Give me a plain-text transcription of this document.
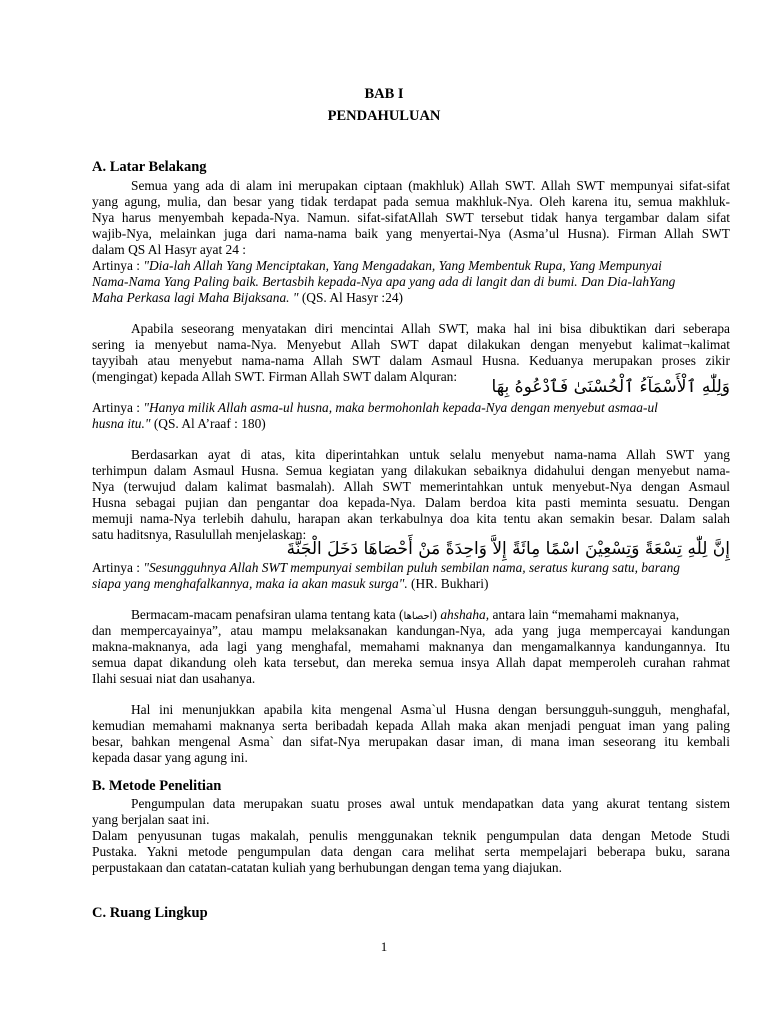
BAB I
PENDAHULUAN
A. Latar Belakang
Semua yang ada di alam ini merupakan ciptaan (makhluk) Allah SWT. Allah SWT mempunyai sifat-sifat
yang agung, mulia, dan besar yang tidak terdapat pada semua makhluk-Nya. Oleh karena itu, semua makhluk-
Nya harus menyembah kepada-Nya. Namun. sifat-sifatAllah SWT tersebut tidak hanya tergambar dalam sifat
wajib-Nya, melainkan juga dari nama-nama baik yang menyertai-Nya (Asma’ul Husna). Firman Allah SWT
dalam QS Al Hasyr ayat 24 :
Artinya : "Dia-lah Allah Yang Menciptakan, Yang Mengadakan, Yang Membentuk Rupa, Yang Mempunyai
Nama-Nama Yang Paling baik. Bertasbih kepada-Nya apa yang ada di langit dan di bumi. Dan Dia-lahYang
Maha Perkasa lagi Maha Bijaksana. " (QS. Al Hasyr :24)
Apabila seseorang menyatakan diri mencintai Allah SWT, maka hal ini bisa dibuktikan dari seberapa
sering ia menyebut nama-Nya. Menyebut Allah SWT dapat dilakukan dengan menyebut kalimat¬kalimat
tayyibah atau menyebut nama-nama Allah SWT dalam Asmaul Husna. Keduanya merupakan proses zikir
(mengingat) kepada Allah SWT. Firman Allah SWT dalam Alquran:
وَلِلّٰهِ ٱلْأَسْمَآءُ ٱلْحُسْنَىٰ فَٱدْعُوهُ بِهَا
Artinya : "Hanya milik Allah asma-ul husna, maka bermohonlah kepada-Nya dengan menyebut asmaa-ul
husna itu." (QS. Al A’raaf : 180)
Berdasarkan ayat di atas, kita diperintahkan untuk selalu menyebut nama-nama Allah SWT yang
terhimpun dalam Asmaul Husna. Semua kegiatan yang dilakukan sebaiknya didahului dengan menyebut nama-
Nya (terwujud dalam kalimat basmalah). Allah SWT memerintahkan untuk menyebut-Nya dengan Asmaul
Husna sebagai pujian dan pengantar doa kepada-Nya. Dalam berdoa kita pasti meminta sesuatu. Dengan
memuji nama-Nya terlebih dahulu, harapan akan terkabulnya doa kita tentu akan semakin besar. Dalam salah
satu haditsnya, Rasulullah menjelaskan:
إِنَّ لِلّٰهِ تِسْعَةً وَتِسْعِيْنَ اسْمًا مِائَةً إِلاَّ وَاحِدَةً مَنْ أَحْصَاهَا دَخَلَ الْجَنَّةَ
Artinya : "Sesungguhnya Allah SWT mempunyai sembilan puluh sembilan nama, seratus kurang satu, barang
siapa yang menghafalkannya, maka ia akan masuk surga". (HR. Bukhari)
Bermacam-macam penafsiran ulama tentang kata (احصاها) ahshaha, antara lain “memahami maknanya,
dan mempercayainya”, atau mampu melaksanakan kandungan-Nya, ada yang juga mempercayai kandungan
makna-maknanya, ada lagi yang menghafal, memahami maknanya dan mengamalkannya kandungannya. Itu
semua dapat dikandung oleh kata tersebut, dan mereka semua insya Allah dapat memperoleh curahan rahmat
Ilahi sesuai niat dan usahanya.
Hal ini menunjukkan apabila kita mengenal Asma`ul Husna dengan bersungguh-sungguh, menghafal,
kemudian memahami maknanya serta beribadah kepada Allah maka akan menjadi penguat iman yang paling
besar, bahkan mengenal Asma` dan sifat-Nya merupakan dasar iman, di mana iman seseorang itu kembali
kepada dasar yang agung ini.
B. Metode Penelitian
Pengumpulan data merupakan suatu proses awal untuk mendapatkan data yang akurat tentang sistem
yang berjalan saat ini.
Dalam penyusunan tugas makalah, penulis menggunakan teknik pengumpulan data dengan Metode Studi
Pustaka. Yakni metode pengumpulan data dengan cara melihat serta mempelajari beberapa buku, sarana
perpustakaan dan catatan-catatan kuliah yang berhubungan dengan tema yang diajukan.
C. Ruang Lingkup
1
